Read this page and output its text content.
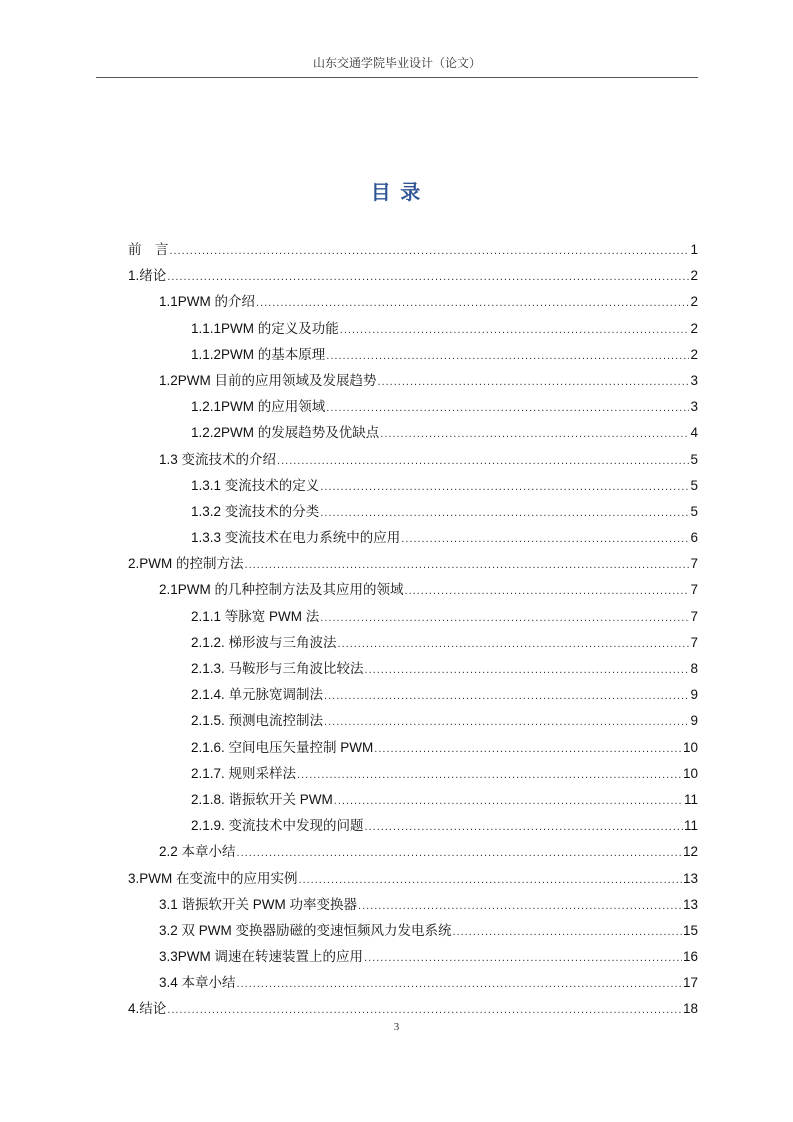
山东交通学院毕业设计（论文）
目 录
前　言 .....	1
1.绪论 .....	2
1.1PWM 的介绍 .....	2
1.1.1PWM 的定义及功能 .....	2
1.1.2PWM 的基本原理 .....	2
1.2PWM 目前的应用领域及发展趋势 .....	3
1.2.1PWM 的应用领域 .....	3
1.2.2PWM 的发展趋势及优缺点 .....	4
1.3 变流技术的介绍 .....	5
1.3.1 变流技术的定义 .....	5
1.3.2 变流技术的分类 .....	5
1.3.3 变流技术在电力系统中的应用 .....	6
2.PWM 的控制方法 .....	7
2.1PWM 的几种控制方法及其应用的领域 .....	7
2.1.1 等脉宽 PWM 法 .....	7
2.1.2. 梯形波与三角波法 .....	7
2.1.3. 马鞍形与三角波比较法 .....	8
2.1.4. 单元脉宽调制法 .....	9
2.1.5. 预测电流控制法 .....	9
2.1.6. 空间电压矢量控制 PWM .....	10
2.1.7. 规则采样法 .....	10
2.1.8. 谐振软开关 PWM .....	11
2.1.9. 变流技术中发现的问题 .....	11
2.2 本章小结 .....	12
3.PWM 在变流中的应用实例 .....	13
3.1 谐振软开关 PWM 功率变换器 .....	13
3.2 双 PWM 变换器励磁的变速恒频风力发电系统 .....	15
3.3PWM 调速在转速装置上的应用 .....	16
3.4 本章小结 .....	17
4.结论 .....	18
3
